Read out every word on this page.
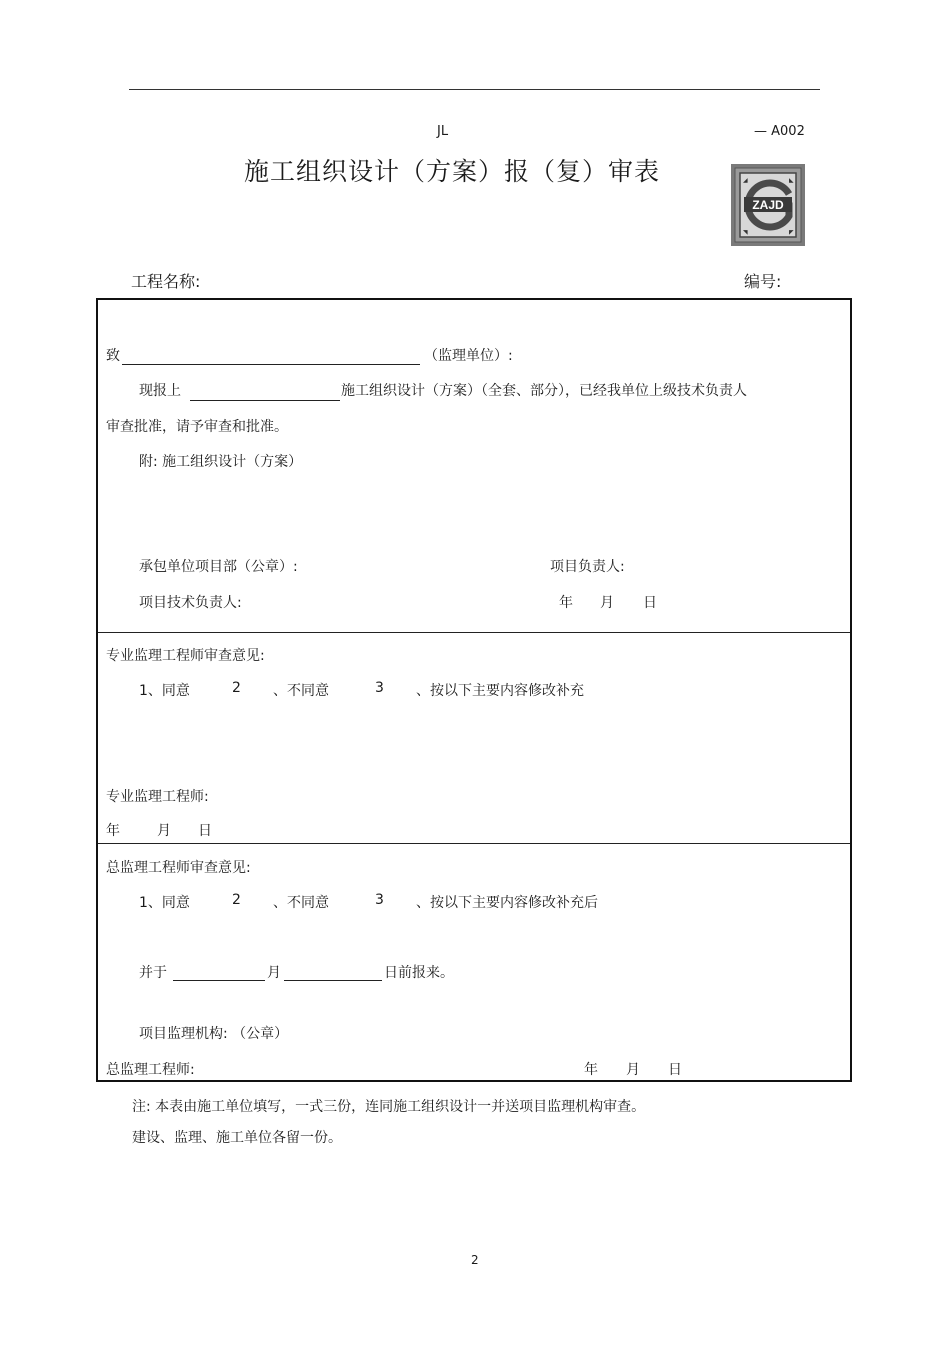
JL	— A002
施工组织设计（方案）报（复）审表
ZAJD
◢	◣
◥	◤
工程名称:	编号:
致	（监理单位）:
现报上	施工组织设计（方案）（全套、部分），已经我单位上级技术负责人
审查批准，请予审查和批准。
附: 施工组织设计（方案）
承包单位项目部（公章）:	项目负责人:
项目技术负责人:	年 月 日
专业监理工程师审查意见:
1、同意	2 、不同意	3 、按以下主要内容修改补充
专业监理工程师:
年	月 日
总监理工程师审查意见:
1、同意	2 、不同意	3 、按以下主要内容修改补充后
并于	月	日前报来。
项目监理机构: （公章）
总监理工程师:	年 月 日
注: 本表由施工单位填写，一式三份，连同施工组织设计一并送项目监理机构审查。
建设、监理、施工单位各留一份。
2
